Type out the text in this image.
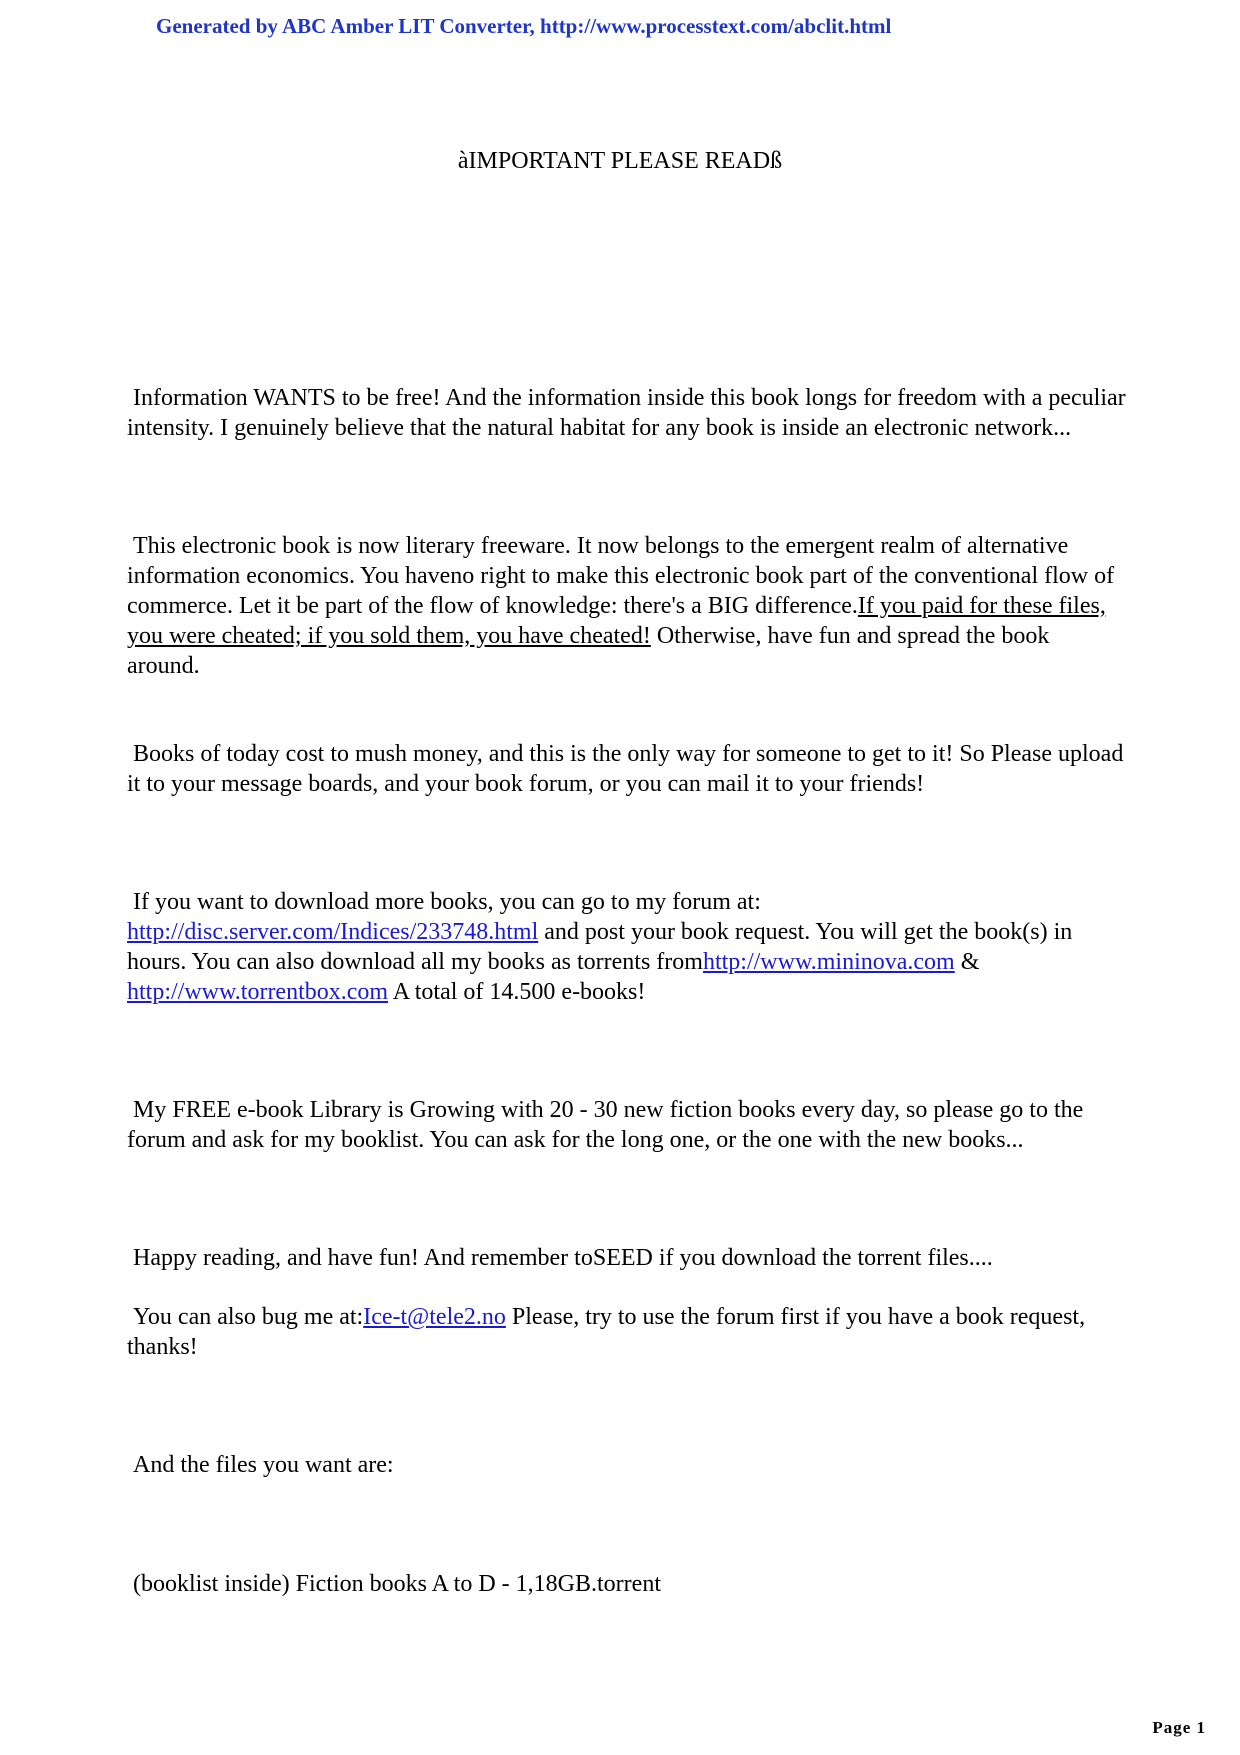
Generated by ABC Amber LIT Converter, http://www.processtext.com/abclit.html
àIMPORTANT PLEASE READß
Information WANTS to be free! And the information inside this book longs for freedom with a peculiar intensity. I genuinely believe that the natural habitat for any book is inside an electronic network...
This electronic book is now literary freeware. It now belongs to the emergent realm of alternative information economics. You haveno right to make this electronic book part of the conventional flow of commerce. Let it be part of the flow of knowledge: there's a BIG difference.If you paid for these files, you were cheated; if you sold them, you have cheated! Otherwise, have fun and spread the book around.
Books of today cost to mush money, and this is the only way for someone to get to it! So Please upload it to your message boards, and your book forum, or you can mail it to your friends!
If you want to download more books, you can go to my forum at:
http://disc.server.com/Indices/233748.html and post your book request. You will get the book(s) in hours. You can also download all my books as torrents fromhttp://www.mininova.com &
http://www.torrentbox.com A total of 14.500 e-books!
My FREE e-book Library is Growing with 20 - 30 new fiction books every day, so please go to the forum and ask for my booklist. You can ask for the long one, or the one with the new books...
Happy reading, and have fun! And remember toSEED if you download the torrent files....
You can also bug me at:Ice-t@tele2.no Please, try to use the forum first if you have a book request, thanks!
And the files you want are:
(booklist inside) Fiction books A to D - 1,18GB.torrent
Page 1
